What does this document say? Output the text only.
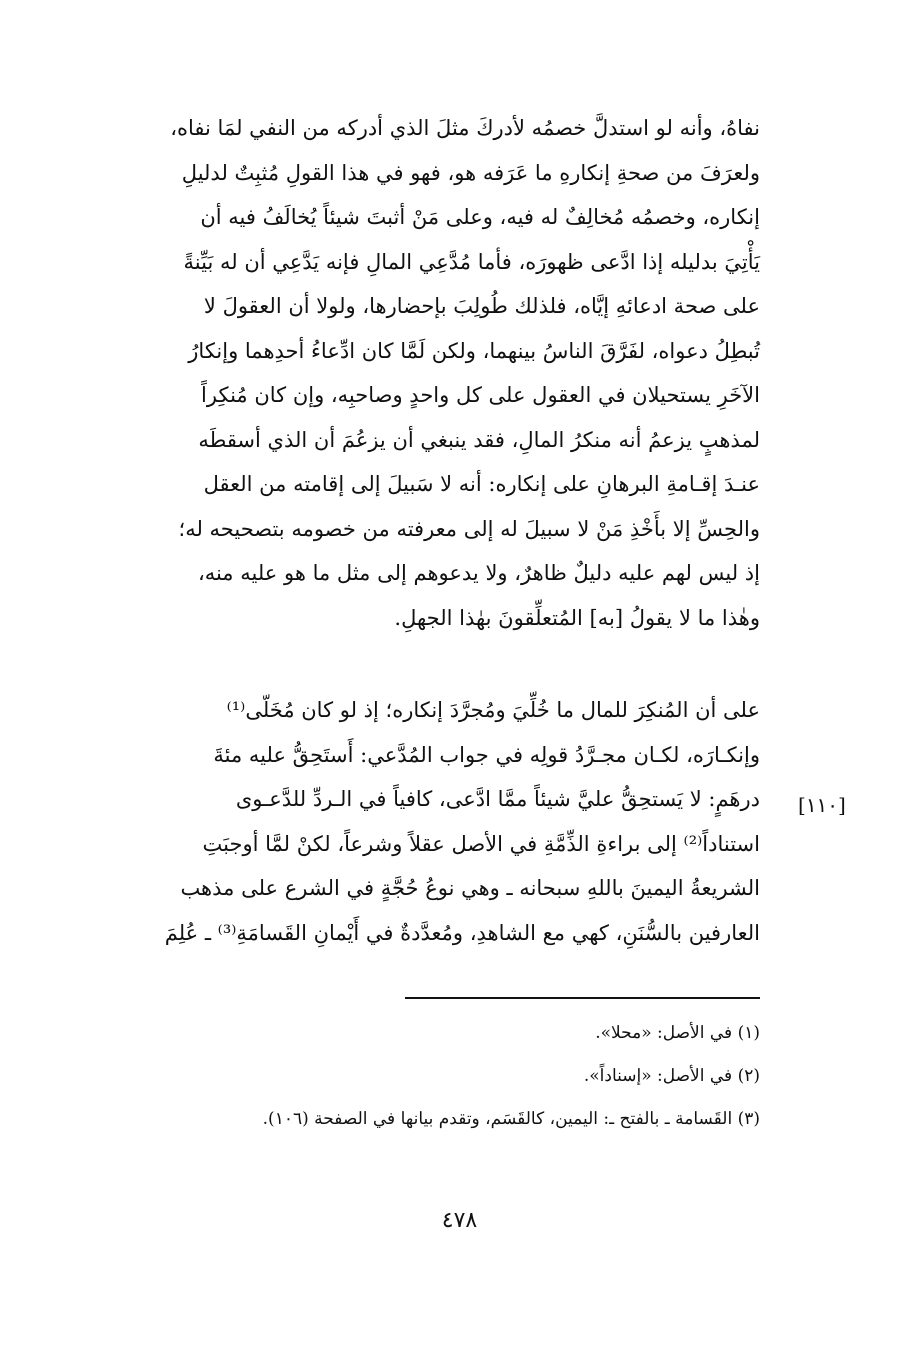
نفاهُ، وأنه لو استدلَّ خصمُه لأدركَ مثلَ الذي أدركه من النفي لمَا نفاه،
ولعرَفَ من صحةِ إنكارهِ ما عَرَفه هو، فهو في هذا القولِ مُثبِتٌ لدليلِ
إنكاره، وخصمُه مُخالِفٌ له فيه، وعلى مَنْ أثبتَ شيئاً يُخالَفُ فيه أن
يَأْتِيَ بدليله إذا ادَّعى ظهورَه، فأما مُدَّعِي المالِ فإنه يَدَّعِي أن له بَيِّنةً
على صحة ادعائهِ إيَّاه، فلذلك طُولِبَ بإحضارها، ولولا أن العقولَ لا
تُبطِلُ دعواه، لفَرَّقَ الناسُ بينهما، ولكن لَمَّا كان ادِّعاءُ أحدِهما وإنكارُ
الآخَرِ يستحيلان في العقول على كل واحدٍ وصاحبِه، وإن كان مُنكِراً
لمذهبٍ يزعمُ أنه منكرُ المالِ، فقد ينبغي أن يزعُمَ أن الذي أسقطَه
عنـدَ إقـامةِ البرهانِ على إنكاره: أنه لا سَبيلَ إلى إقامته من العقل
والحِسِّ إلا بأَخْذِ مَنْ لا سبيلَ له إلى معرفته من خصومه بتصحيحه له؛
إذ ليس لهم عليه دليلٌ ظاهرٌ، ولا يدعوهم إلى مثل ما هو عليه منه،
وهٰذا ما لا يقولُ [به] المُتعلِّقونَ بهٰذا الجهلِ.
على أن المُنكِرَ للمال ما خُلِّيَ ومُجرَّدَ إنكاره؛ إذ لو كان مُخَلّى⁽¹⁾
وإنكـارَه، لكـان مجـرَّدُ قولِه في جواب المُدَّعي: أَستَحِقُّ عليه مئةَ
درهَمٍ: لا يَستحِقُّ عليَّ شيئاً ممَّا ادَّعى، كافياً في الـردِّ للدَّعـوى
استناداً⁽²⁾ إلى براءةِ الذِّمَّةِ في الأصل عقلاً وشرعاً، لكنْ لمَّا أوجبَتِ
الشريعةُ اليمينَ باللهِ سبحانه ـ وهي نوعُ حُجَّةٍ في الشرع على مذهب
العارفين بالسُّنَنِ، كهي مع الشاهدِ، ومُعدَّدةٌ في أَيْمانِ القَسامَةِ⁽³⁾ ـ عُلِمَ
[١١٠]
(١) في الأصل: «محلا».
(٢) في الأصل: «إسناداً».
(٣) القَسامة ـ بالفتح ـ: اليمين، كالقَسَم، وتقدم بيانها في الصفحة (١٠٦).
٤٧٨
